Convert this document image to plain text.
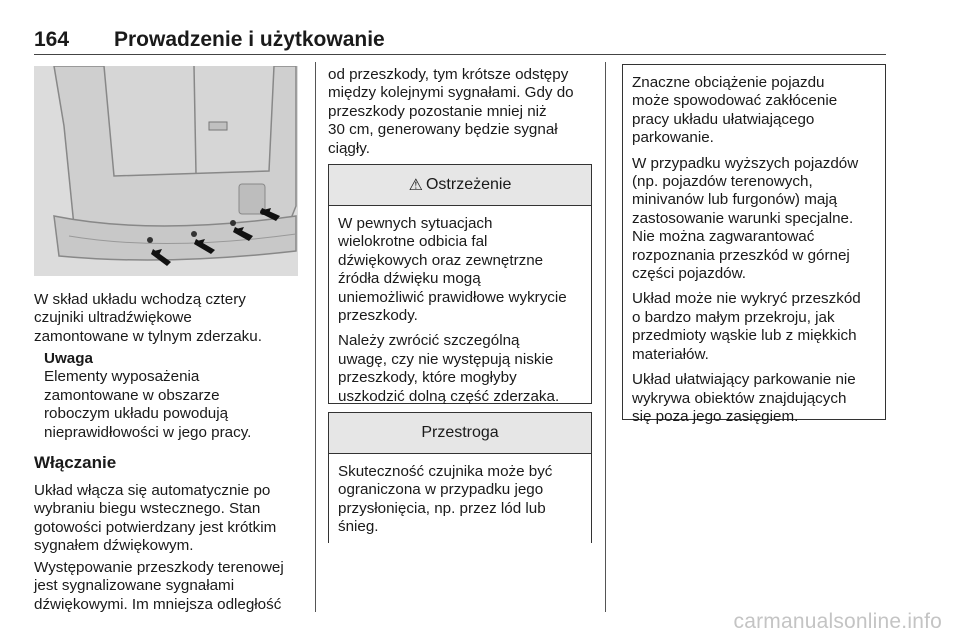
164 Prowadzenie i użytkowanie

W skład układu wchodzą cztery

czujniki ultradźwiękowe

zamontowane w tylnym zderzaku.

Uwaga

Elementy wyposażenia

zamontowane w obszarze

roboczym układu powodują

nieprawidłowości w jego pracy.

Włączanie

Układ włącza się automatycznie po

wybraniu biegu wstecznego. Stan

gotowości potwierdzany jest krótkim

sygnałem dźwiękowym.

Występowanie przeszkody terenowej

jest sygnalizowane sygnałami

dźwiękowymi. Im mniejsza odległość

od przeszkody, tym krótsze odstępy

między kolejnymi sygnałami. Gdy do

przeszkody pozostanie mniej niż

30 cm, generowany będzie sygnał

ciągły.

⚠ Ostrzeżenie

W pewnych sytuacjach
wielokrotne odbicia fal
dźwiękowych oraz zewnętrzne
źródła dźwięku mogą
uniemożliwić prawidłowe wykrycie
przeszkody.

Należy zwrócić szczególną
uwagę, czy nie występują niskie
przeszkody, które mogłyby
uszkodzić dolną część zderzaka.

Przestroga

Skuteczność czujnika może być
ograniczona w przypadku jego
przysłonięcia, np. przez lód lub
śnieg.

Znaczne obciążenie pojazdu
może spowodować zakłócenie
pracy układu ułatwiającego
parkowanie.

W przypadku wyższych pojazdów
(np. pojazdów terenowych,
minivanów lub furgonów) mają
zastosowanie warunki specjalne.
Nie można zagwarantować
rozpoznania przeszkód w górnej
części pojazdów.

Układ może nie wykryć przeszkód
o bardzo małym przekroju, jak
przedmioty wąskie lub z miękkich
materiałów.

Układ ułatwiający parkowanie nie
wykrywa obiektów znajdujących
się poza jego zasięgiem.

carmanualsonline.info
